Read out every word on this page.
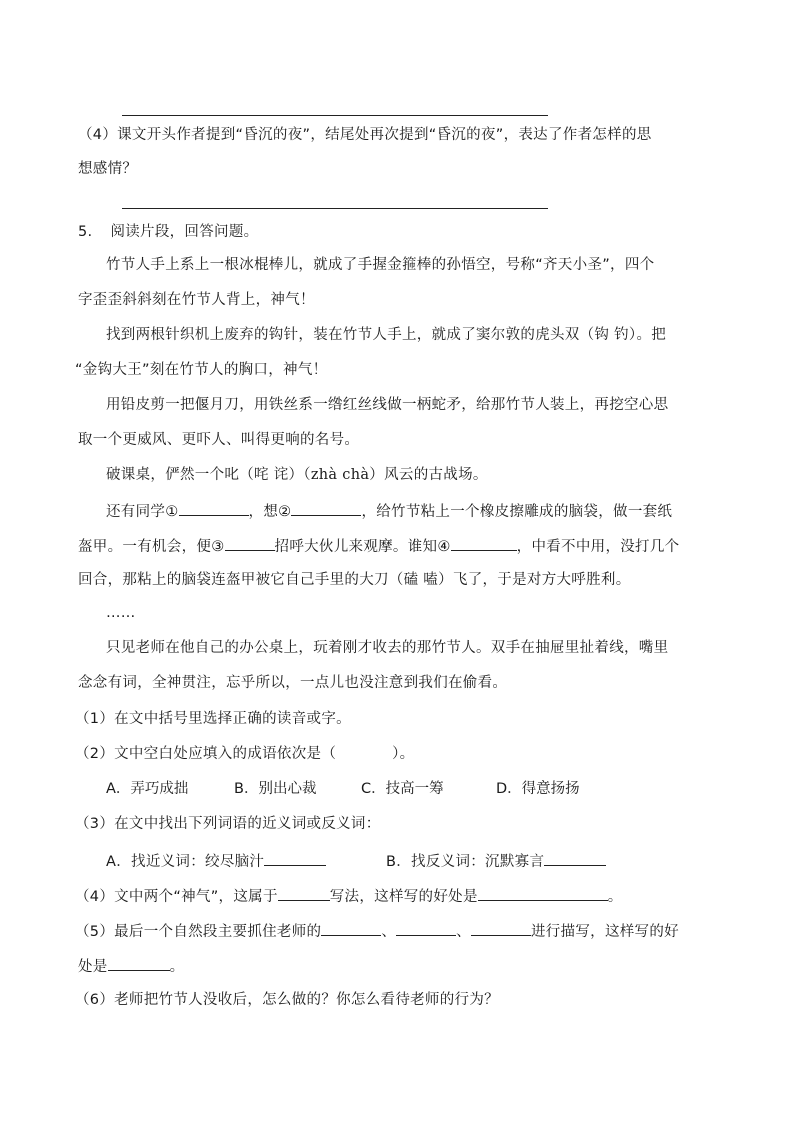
（4）课文开头作者提到“昏沉的夜”，结尾处再次提到“昏沉的夜”，表达了作者怎样的思
想感情？
5. 阅读片段，回答问题。
竹节人手上系上一根冰棍棒儿，就成了手握金箍棒的孙悟空，号称“齐天小圣”，四个
字歪歪斜斜刻在竹节人背上，神气！
找到两根针织机上废弃的钩针，装在竹节人手上，就成了窦尔敦的虎头双（钩 钓）。把
“金钩大王”刻在竹节人的胸口，神气！
用铅皮剪一把偃月刀，用铁丝系一绺红丝线做一柄蛇矛，给那竹节人装上，再挖空心思
取一个更威风、更吓人、叫得更响的名号。
破课桌，俨然一个叱（咤 诧）（zhà chà）风云的古战场。
还有同学①	，想②	，给竹节粘上一个橡皮擦雕成的脑袋，做一套纸
盔甲。一有机会，便③	招呼大伙儿来观摩。谁知④	，中看不中用，没打几个
回合，那粘上的脑袋连盔甲被它自己手里的大刀（磕 嗑）飞了，于是对方大呼胜利。
……
只见老师在他自己的办公桌上，玩着刚才收去的那竹节人。双手在抽屉里扯着线，嘴里
念念有词，全神贯注，忘乎所以，一点儿也没注意到我们在偷看。
（1）在文中括号里选择正确的读音或字。
（2）文中空白处应填入的成语依次是（	）。
A．弄巧成拙	B．别出心裁	C．技高一筹	D．得意扬扬
（3）在文中找出下列词语的近义词或反义词：
A．找近义词：绞尽脑汁	B．找反义词：沉默寡言
（4）文中两个“神气”，这属于	写法，这样写的好处是	。
（5）最后一个自然段主要抓住老师的	、	、	进行描写，这样写的好
处是	。
（6）老师把竹节人没收后，怎么做的？你怎么看待老师的行为？
